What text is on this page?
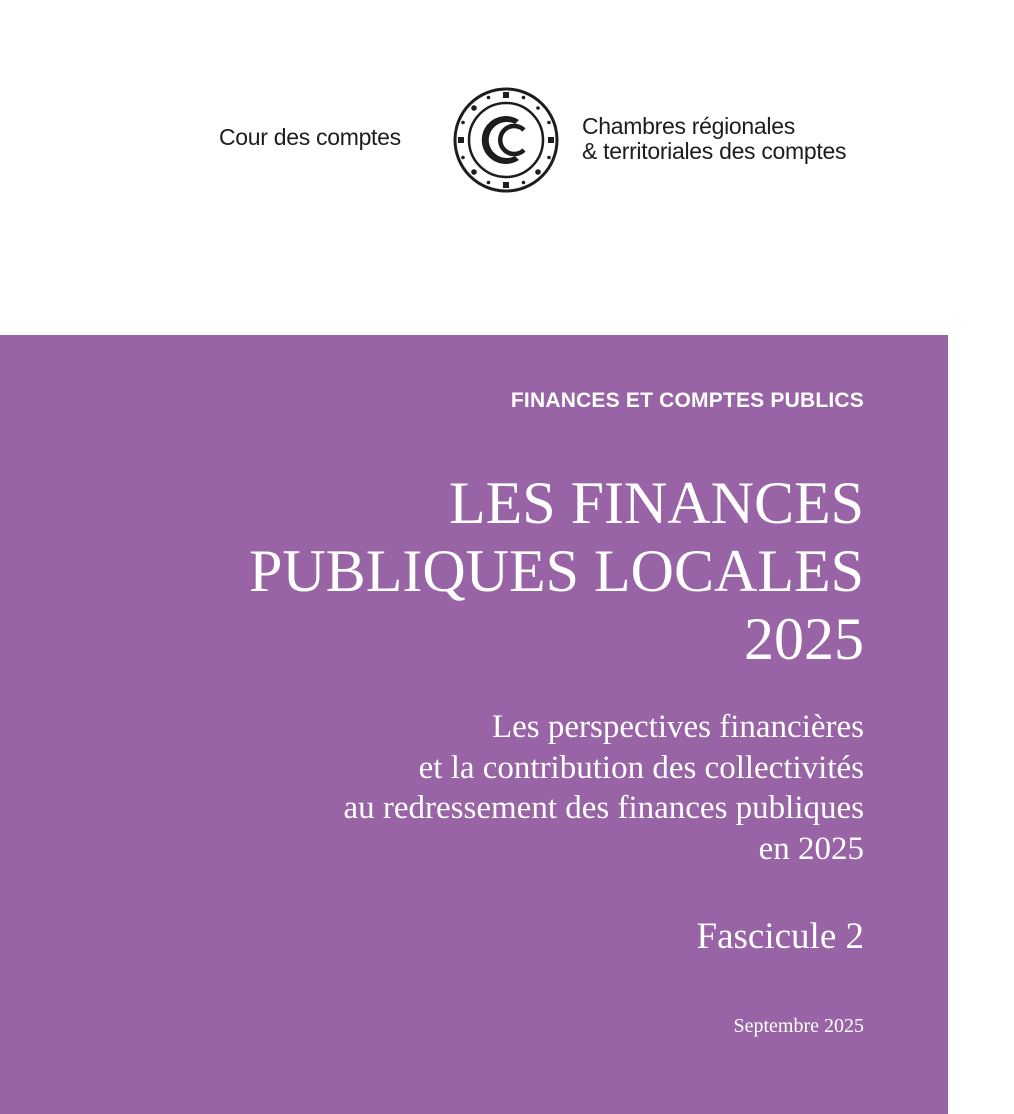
Cour des comptes	Chambres régionales
& territoriales des comptes
FINANCES ET COMPTES PUBLICS
LES FINANCES
PUBLIQUES LOCALES
2025
Les perspectives financières
et la contribution des collectivités
au redressement des finances publiques
en 2025
Fascicule 2
Septembre 2025
